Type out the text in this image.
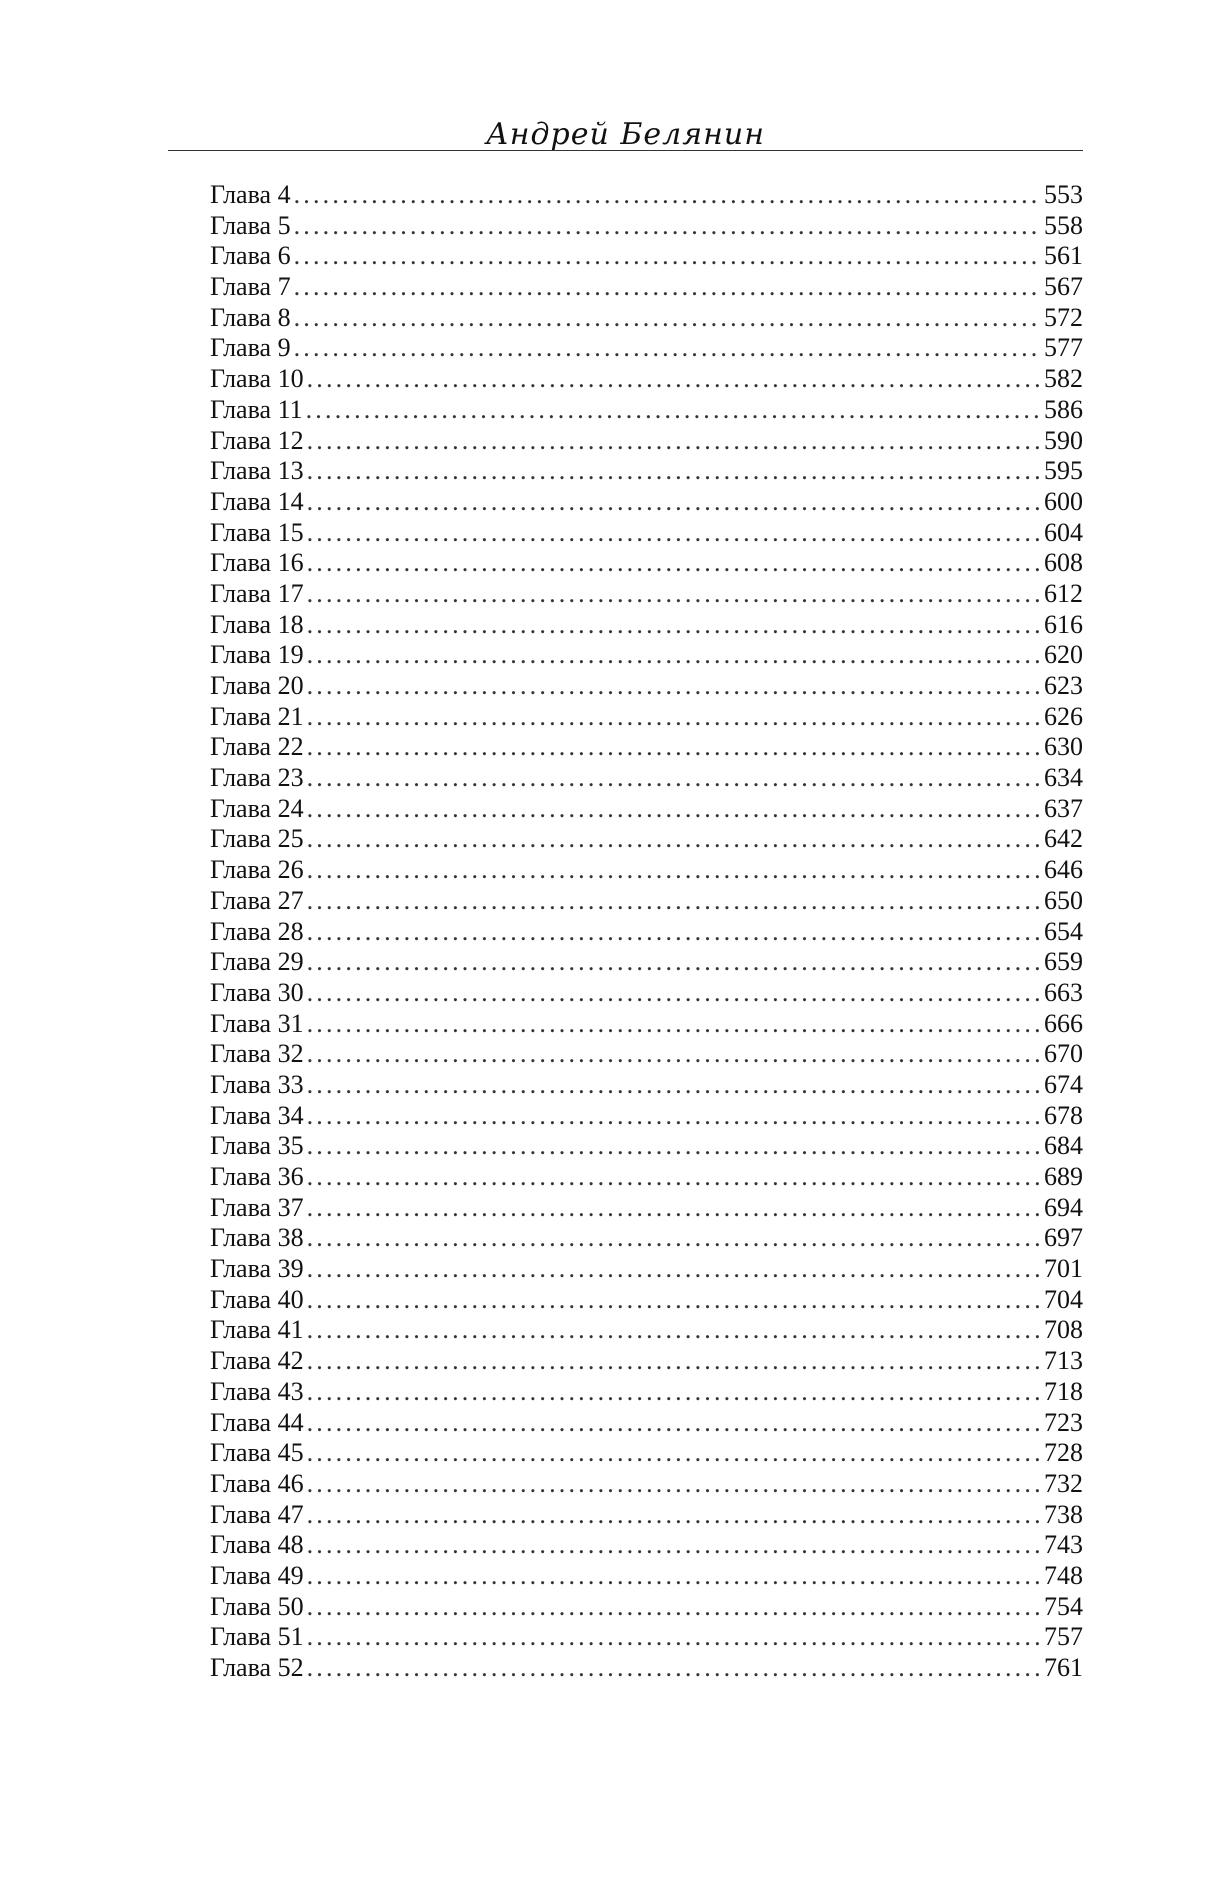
Андрей Белянин
Глава 4 .....	553
Глава 5 .....	558
Глава 6 .....	561
Глава 7 .....	567
Глава 8 .....	572
Глава 9 .....	577
Глава 10 .....	582
Глава 11 .....	586
Глава 12 .....	590
Глава 13 .....	595
Глава 14 .....	600
Глава 15 .....	604
Глава 16 .....	608
Глава 17 .....	612
Глава 18 .....	616
Глава 19 .....	620
Глава 20 .....	623
Глава 21 .....	626
Глава 22 .....	630
Глава 23 .....	634
Глава 24 .....	637
Глава 25 .....	642
Глава 26 .....	646
Глава 27 .....	650
Глава 28 .....	654
Глава 29 .....	659
Глава 30 .....	663
Глава 31 .....	666
Глава 32 .....	670
Глава 33 .....	674
Глава 34 .....	678
Глава 35 .....	684
Глава 36 .....	689
Глава 37 .....	694
Глава 38 .....	697
Глава 39 .....	701
Глава 40 .....	704
Глава 41 .....	708
Глава 42 .....	713
Глава 43 .....	718
Глава 44 .....	723
Глава 45 .....	728
Глава 46 .....	732
Глава 47 .....	738
Глава 48 .....	743
Глава 49 .....	748
Глава 50 .....	754
Глава 51 .....	757
Глава 52 .....	761
